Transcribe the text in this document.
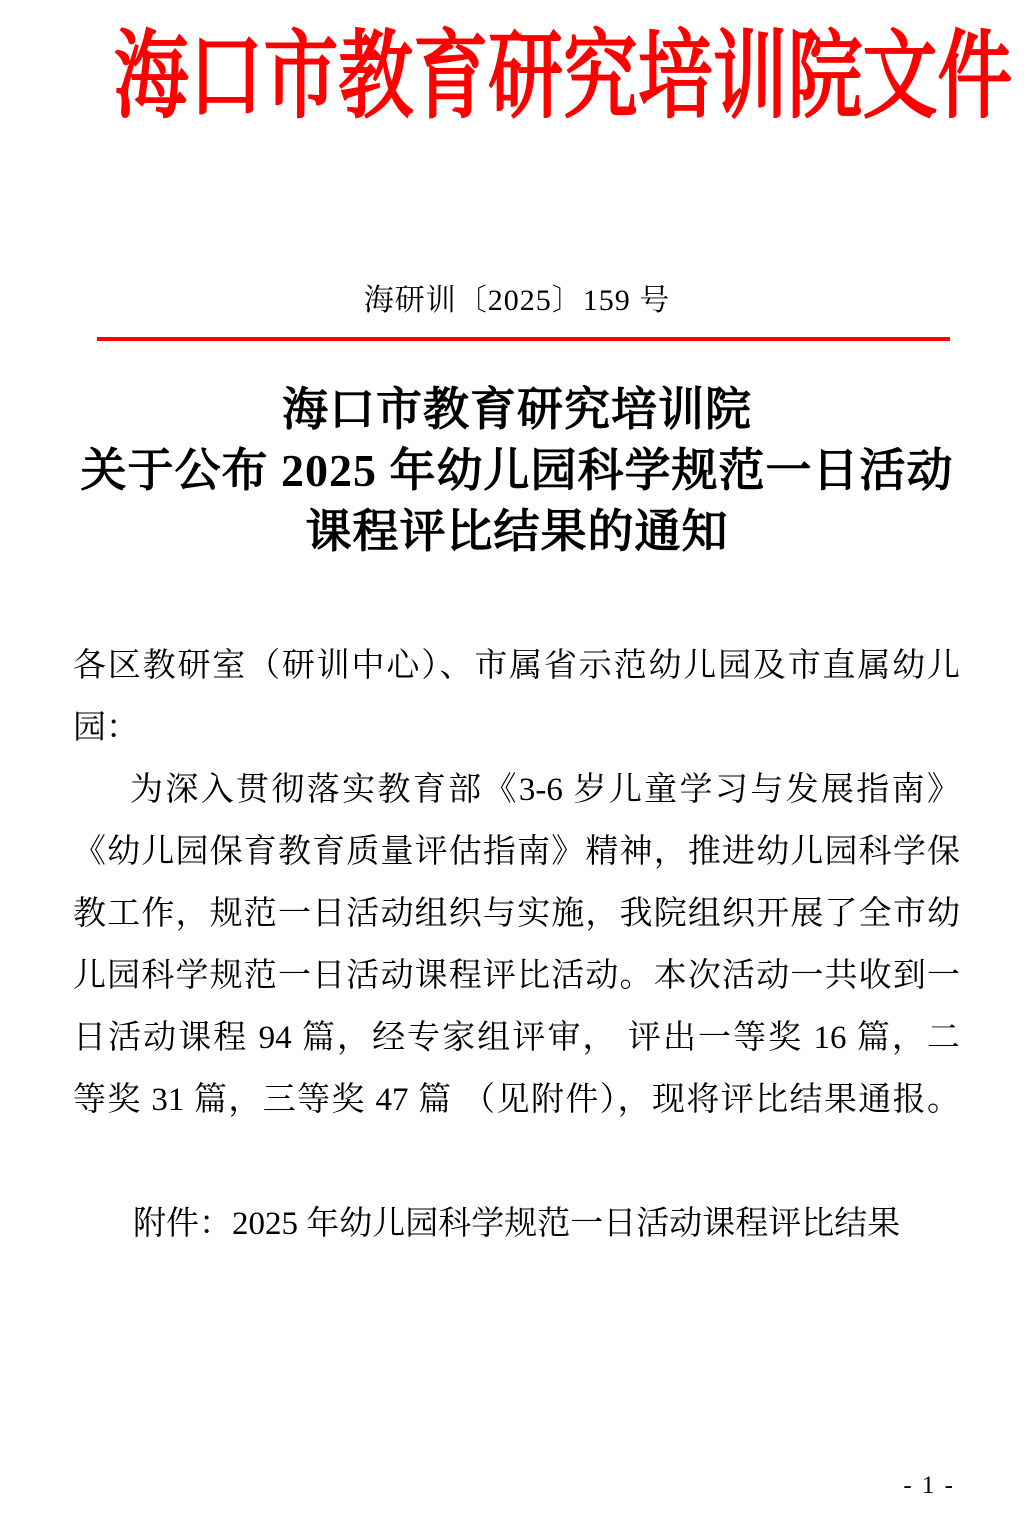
海口市教育研究培训院文件
海研训〔2025〕159 号
海口市教育研究培训院
关于公布 2025 年幼儿园科学规范一日活动
课程评比结果的通知
各区教研室（研训中心）、市属省示范幼儿园及市直属幼儿
园：
为深入贯彻落实教育部《3-6 岁儿童学习与发展指南》
《幼儿园保育教育质量评估指南》精神，推进幼儿园科学保
教工作，规范一日活动组织与实施，我院组织开展了全市幼
儿园科学规范一日活动课程评比活动。本次活动一共收到一
日活动课程 94 篇，经专家组评审， 评出一等奖 16 篇，二
等奖 31 篇，三等奖 47 篇 （见附件），现将评比结果通报。
附件：2025 年幼儿园科学规范一日活动课程评比结果
- 1 -
